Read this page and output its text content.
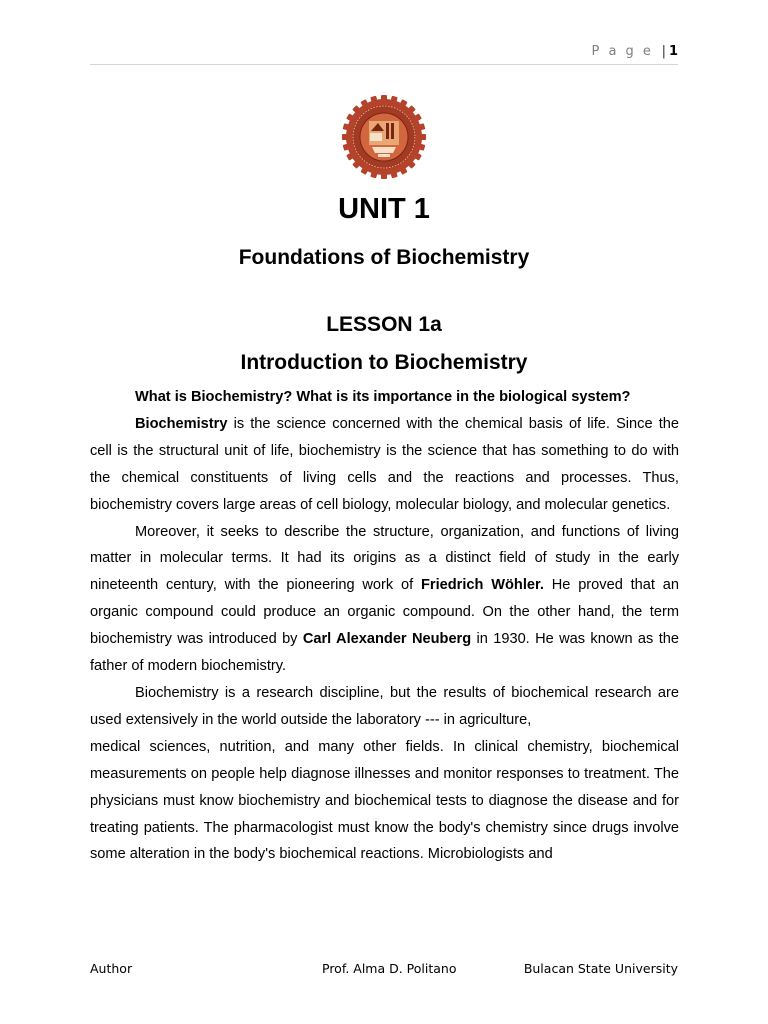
P a g e | 1
UNIT 1
Foundations of Biochemistry
LESSON 1a
Introduction to Biochemistry

What is Biochemistry? What is its importance in the biological system?

Biochemistry is the science concerned with the chemical basis of life. Since the cell is the structural unit of life, biochemistry is the science that has something to do with the chemical constituents of living cells and the reactions and processes. Thus, biochemistry covers large areas of cell biology, molecular biology, and molecular genetics.

Moreover, it seeks to describe the structure, organization, and functions of living matter in molecular terms. It had its origins as a distinct field of study in the early nineteenth century, with the pioneering work of Friedrich Wöhler. He proved that an organic compound could produce an organic compound. On the other hand, the term biochemistry was introduced by Carl Alexander Neuberg in 1930. He was known as the father of modern biochemistry.

Biochemistry is a research discipline, but the results of biochemical research are used extensively in the world outside the laboratory --- in agriculture,

medical sciences, nutrition, and many other fields. In clinical chemistry, biochemical measurements on people help diagnose illnesses and monitor responses to treatment. The physicians must know biochemistry and biochemical tests to diagnose the disease and for treating patients. The pharmacologist must know the body's chemistry since drugs involve some alteration in the body's biochemical reactions. Microbiologists and

Author	Prof. Alma D. Politano	Bulacan State University
